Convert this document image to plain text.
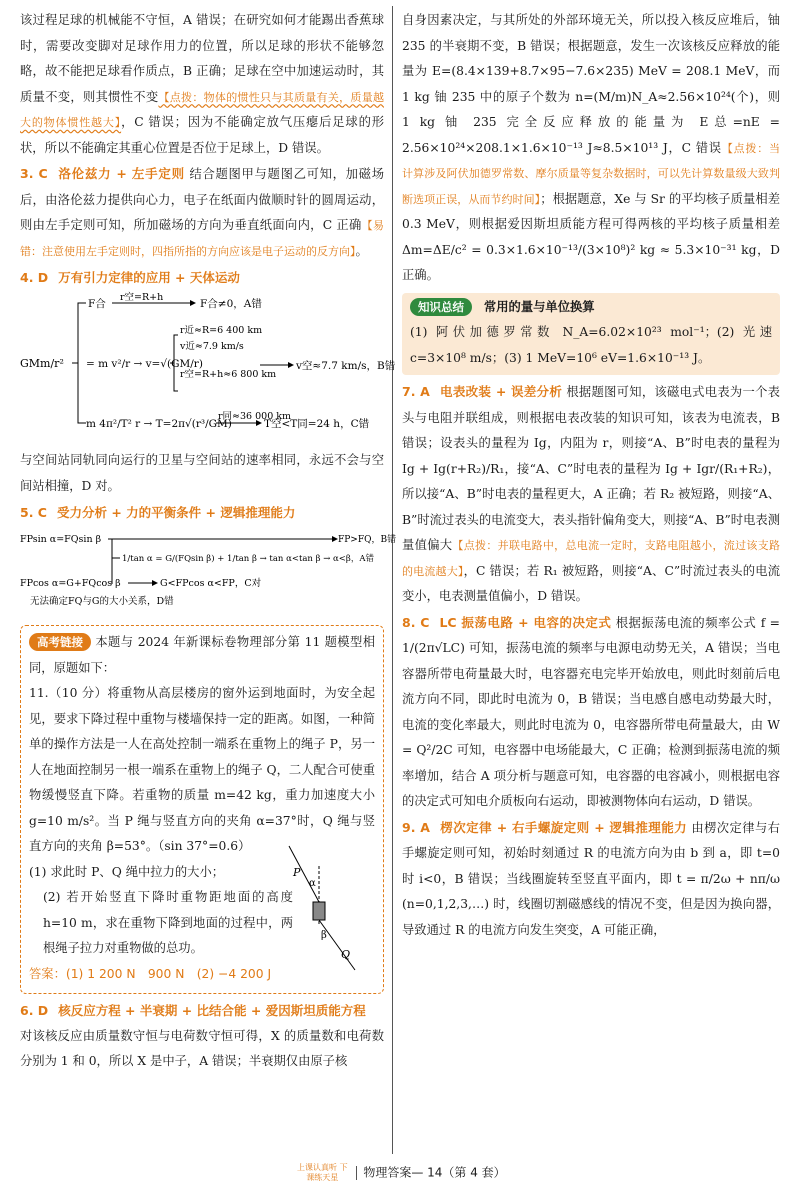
该过程足球的机械能不守恒，A 错误；在研究如何才能踢出香蕉球时，需要改变脚对足球作用力的位置，所以足球的形状不能够忽略，故不能把足球看作质点，B 正确；足球在空中加速运动时，其质量不变，则其惯性不变【点拨：物体的惯性只与其质量有关，质量越大的物体惯性越大】，C 错误；因为不能确定放气压瘪后足球的形状，所以不能确定其重心位置是否位于足球上，D 错误。

3. C 洛伦兹力 + 左手定则 结合题图甲与题图乙可知，加磁场后，由洛伦兹力提供向心力，电子在纸面内做顺时针的圆周运动，则由左手定则可知，所加磁场的方向为垂直纸面向内，C 正确【易错：注意使用左手定则时，四指所指的方向应该是电子运动的反方向】。

4. D 万有引力定律的应用 + 天体运动

GMm/r²
F合
r空=R+h
F合≠0，A错
= m v²/r → v=√(GM/r)
r近≈R=6 400 km
v近≈7.9 km/s
r空=R+h≈6 800 km
v空≈7.7 km/s，B错
m 4π²/T² r → T=2π√(r³/GM)
r同≈36 000 km
T空<T同=24 h，C错

与空间站同轨同向运行的卫星与空间站的速率相同，永远不会与空间站相撞，D 对。

5. C 受力分析 + 力的平衡条件 + 逻辑推理能力

FPsin α=FQsin β	FP>FQ，B错
1/tan α = G/(FQsin β) + 1/tan β → tan α<tan β → α<β，A错
FPcos α=G+FQcos β	G<FPcos α<FP，C对
无法确定FQ与G的大小关系，D错

高考链接 本题与 2024 年新课标卷物理部分第 11 题模型相同，原题如下：

11.（10 分）将重物从高层楼房的窗外运到地面时，为安全起见，要求下降过程中重物与楼墙保持一定的距离。如图，一种简单的操作方法是一人在高处控制一端系在重物上的绳子 P，另一人在地面控制另一根一端系在重物上的绳子 Q，二人配合可使重物缓慢竖直下降。若重物的质量 m=42 kg，重力加速度大小 g=10 m/s²。当 P 绳与竖直方向的夹角 α=37°时，Q 绳与竖直方向的夹角 β=53°。（sin 37°=0.6）

(1) 求此时 P、Q 绳中拉力的大小；

(2) 若开始竖直下降时重物距地面的高度 h=10 m，求在重物下降到地面的过程中，两根绳子拉力对重物做的总功。

P
α
β
Q

答案：(1) 1 200 N　900 N　(2) −4 200 J

6. D 核反应方程 + 半衰期 + 比结合能 + 爱因斯坦质能方程

对该核反应由质量数守恒与电荷数守恒可得，X 的质量数和电荷数分别为 1 和 0，所以 X 是中子，A 错误；半衰期仅由原子核

自身因素决定，与其所处的外部环境无关，所以投入核反应堆后，铀 235 的半衰期不变，B 错误；根据题意，发生一次该核反应释放的能量为 E=(8.4×139+8.7×95−7.6×235) MeV = 208.1 MeV，而 1 kg 铀 235 中的原子个数为 n=(M/m)N_A≈2.56×10²⁴(个)，则 1 kg 铀 235 完全反应释放的能量为 E总=nE = 2.56×10²⁴×208.1×1.6×10⁻¹³ J≈8.5×10¹³ J，C 错误【点拨：当计算涉及阿伏加德罗常数、摩尔质量等复杂数据时，可以先计算数量级大致判断选项正误，从而节约时间】；根据题意，Xe 与 Sr 的平均核子质量相差 0.3 MeV，则根据爱因斯坦质能方程可得两核的平均核子质量相差 Δm=ΔE/c² = 0.3×1.6×10⁻¹³/(3×10⁸)² kg ≈ 5.3×10⁻³¹ kg，D 正确。

知识总结 常用的量与单位换算

(1) 阿伏加德罗常数 N_A=6.02×10²³ mol⁻¹；(2) 光速 c=3×10⁸ m/s；(3) 1 MeV=10⁶ eV=1.6×10⁻¹³ J。

7. A 电表改装 + 误差分析 根据题图可知，该磁电式电表为一个表头与电阻并联组成，则根据电表改装的知识可知，该表为电流表，B 错误；设表头的量程为 Ig，内阻为 r，则接“A、B”时电表的量程为 Ig + Ig(r+R₂)/R₁，接“A、C”时电表的量程为 Ig + Igr/(R₁+R₂)，所以接“A、B”时电表的量程更大，A 正确；若 R₂ 被短路，则接“A、B”时流过表头的电流变大，表头指针偏角变大，则接“A、B”时电表测量值偏大【点拨：并联电路中，总电流一定时，支路电阻越小，流过该支路的电流越大】，C 错误；若 R₁ 被短路，则接“A、C”时流过表头的电流变小，电表测量值偏小，D 错误。

8. C LC 振荡电路 + 电容的决定式 根据振荡电流的频率公式 f = 1/(2π√LC) 可知，振荡电流的频率与电源电动势无关，A 错误；当电容器所带电荷量最大时，电容器充电完毕开始放电，则此时刻前后电流方向不同，即此时电流为 0，B 错误；当电感自感电动势最大时，电流的变化率最大，则此时电流为 0，电容器所带电荷量最大，由 W = Q²/2C 可知，电容器中电场能最大，C 正确；检测到振荡电流的频率增加，结合 A 项分析与题意可知，电容器的电容减小，则根据电容的决定式可知电介质板向右运动，即被测物体向右运动，D 错误。

9. A 楞次定律 + 右手螺旋定则 + 逻辑推理能力 由楞次定律与右手螺旋定则可知，初始时刻通过 R 的电流方向为由 b 到 a，即 t=0 时 i<0，B 错误；当线圈旋转至竖直平面内，即 t = π/2ω + nπ/ω (n=0,1,2,3,…) 时，线圈切割磁感线的情况不变，但是因为换向器，导致通过 R 的电流方向发生突变，A 可能正确，

上课认真听 下课练天星 物理答案— 14（第 4 套）
